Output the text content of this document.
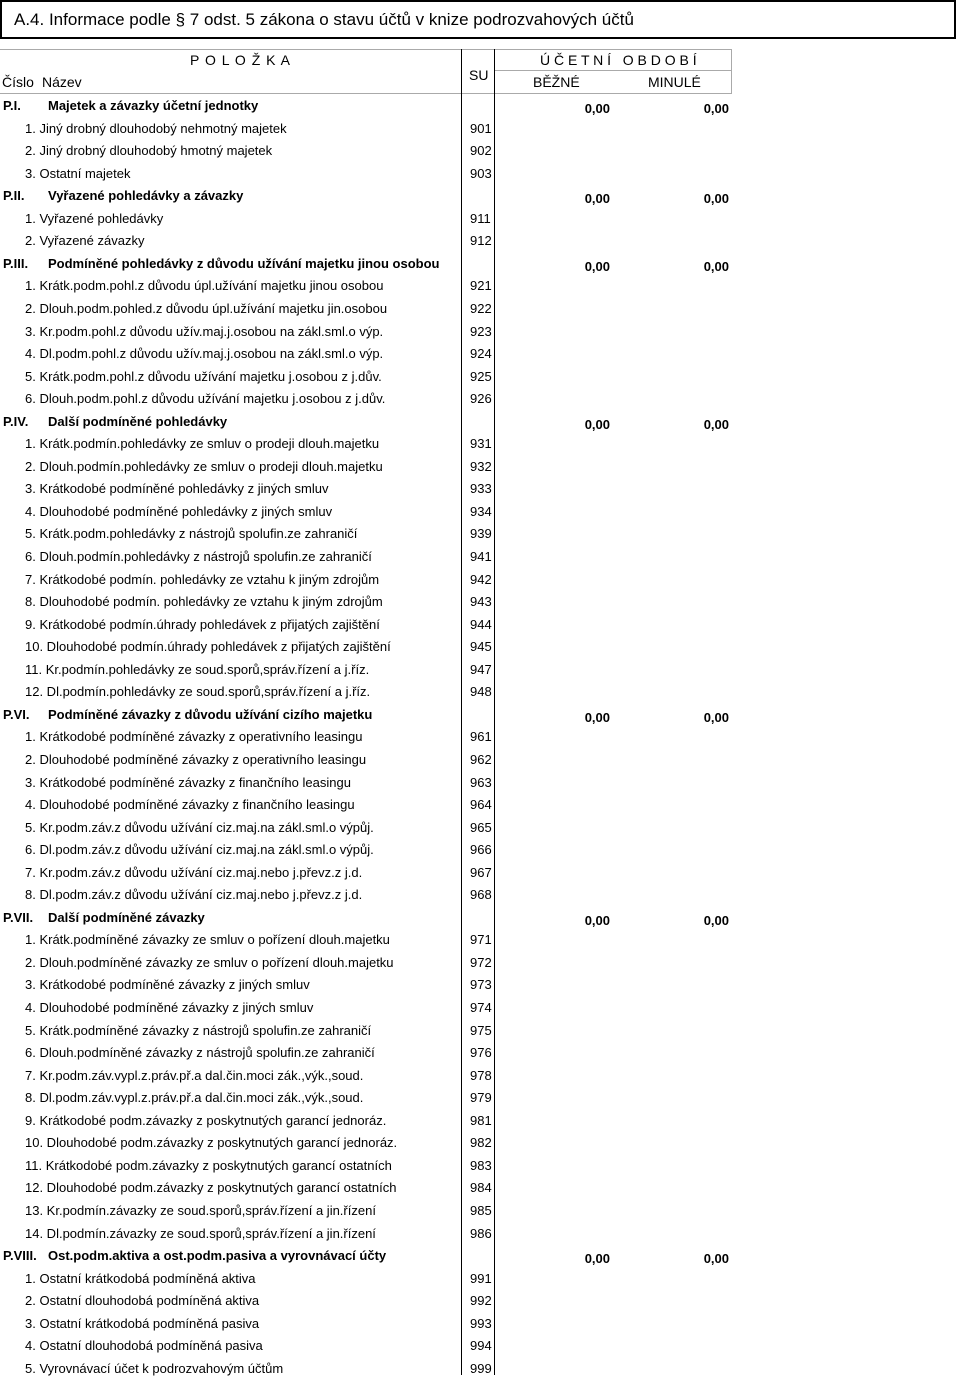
A.4. Informace podle § 7 odst. 5 zákona o stavu účtů v knize podrozvahových účtů
P O L O Ž K A
Číslo Název	SU
Ú Č E T N Í   O B D O B Í
BĚŽNÉ	MINULÉ
P.I. Majetek a závazky účetní jednotky	0,00	0,00
1. Jiný drobný dlouhodobý nehmotný majetek	901
2. Jiný drobný dlouhodobý hmotný majetek	902
3. Ostatní majetek	903
P.II. Vyřazené pohledávky a závazky	0,00	0,00
1. Vyřazené pohledávky	911
2. Vyřazené závazky	912
P.III. Podmíněné pohledávky z důvodu užívání majetku jinou osobou	0,00	0,00
1. Krátk.podm.pohl.z důvodu úpl.užívání majetku jinou osobou	921
2. Dlouh.podm.pohled.z důvodu úpl.užívání majetku jin.osobou	922
3. Kr.podm.pohl.z důvodu užív.maj.j.osobou na zákl.sml.o výp.	923
4. Dl.podm.pohl.z důvodu užív.maj.j.osobou na zákl.sml.o výp.	924
5. Krátk.podm.pohl.z důvodu užívání majetku j.osobou z j.dův.	925
6. Dlouh.podm.pohl.z důvodu užívání majetku j.osobou z j.dův.	926
P.IV. Další podmíněné pohledávky	0,00	0,00
1. Krátk.podmín.pohledávky ze smluv o prodeji dlouh.majetku	931
2. Dlouh.podmín.pohledávky ze smluv o prodeji dlouh.majetku	932
3. Krátkodobé podmíněné pohledávky z jiných smluv	933
4. Dlouhodobé podmíněné pohledávky z jiných smluv	934
5. Krátk.podm.pohledávky z nástrojů spolufin.ze zahraničí	939
6. Dlouh.podmín.pohledávky z nástrojů spolufin.ze zahraničí	941
7. Krátkodobé podmín. pohledávky ze vztahu k jiným zdrojům	942
8. Dlouhodobé podmín. pohledávky ze vztahu k jiným zdrojům	943
9. Krátkodobé podmín.úhrady pohledávek z přijatých zajištění	944
10. Dlouhodobé podmín.úhrady pohledávek z přijatých zajištění	945
11. Kr.podmín.pohledávky ze soud.sporů,správ.řízení a j.říz.	947
12. Dl.podmín.pohledávky ze soud.sporů,správ.řízení a j.říz.	948
P.VI. Podmíněné závazky z důvodu užívání cizího majetku	0,00	0,00
1. Krátkodobé podmíněné závazky z operativního leasingu	961
2. Dlouhodobé podmíněné závazky z operativního leasingu	962
3. Krátkodobé podmíněné závazky z finančního leasingu	963
4. Dlouhodobé podmíněné závazky z finančního leasingu	964
5. Kr.podm.záv.z důvodu užívání ciz.maj.na zákl.sml.o výpůj.	965
6. Dl.podm.záv.z důvodu užívání ciz.maj.na zákl.sml.o výpůj.	966
7. Kr.podm.záv.z důvodu užívání ciz.maj.nebo j.převz.z j.d.	967
8. Dl.podm.záv.z důvodu užívání ciz.maj.nebo j.převz.z j.d.	968
P.VII. Další podmíněné závazky	0,00	0,00
1. Krátk.podmíněné závazky ze smluv o pořízení dlouh.majetku	971
2. Dlouh.podmíněné závazky ze smluv o pořízení dlouh.majetku	972
3. Krátkodobé podmíněné závazky z jiných smluv	973
4. Dlouhodobé podmíněné závazky z jiných smluv	974
5. Krátk.podmíněné závazky z nástrojů spolufin.ze zahraničí	975
6. Dlouh.podmíněné závazky z nástrojů spolufin.ze zahraničí	976
7. Kr.podm.záv.vypl.z.práv.př.a dal.čin.moci zák.,výk.,soud.	978
8. Dl.podm.záv.vypl.z.práv.př.a dal.čin.moci zák.,výk.,soud.	979
9. Krátkodobé podm.závazky z poskytnutých garancí jednoráz.	981
10. Dlouhodobé podm.závazky z poskytnutých garancí jednoráz.	982
11. Krátkodobé podm.závazky z poskytnutých garancí ostatních	983
12. Dlouhodobé podm.závazky z poskytnutých garancí ostatních	984
13. Kr.podmín.závazky ze soud.sporů,správ.řízení a jin.řízení	985
14. Dl.podmín.závazky ze soud.sporů,správ.řízení a jin.řízení	986
P.VIII. Ost.podm.aktiva a ost.podm.pasiva a vyrovnávací účty	0,00	0,00
1. Ostatní krátkodobá podmíněná aktiva	991
2. Ostatní dlouhodobá podmíněná aktiva	992
3. Ostatní krátkodobá podmíněná pasiva	993
4. Ostatní dlouhodobá podmíněná pasiva	994
5. Vyrovnávací účet k podrozvahovým účtům	999
